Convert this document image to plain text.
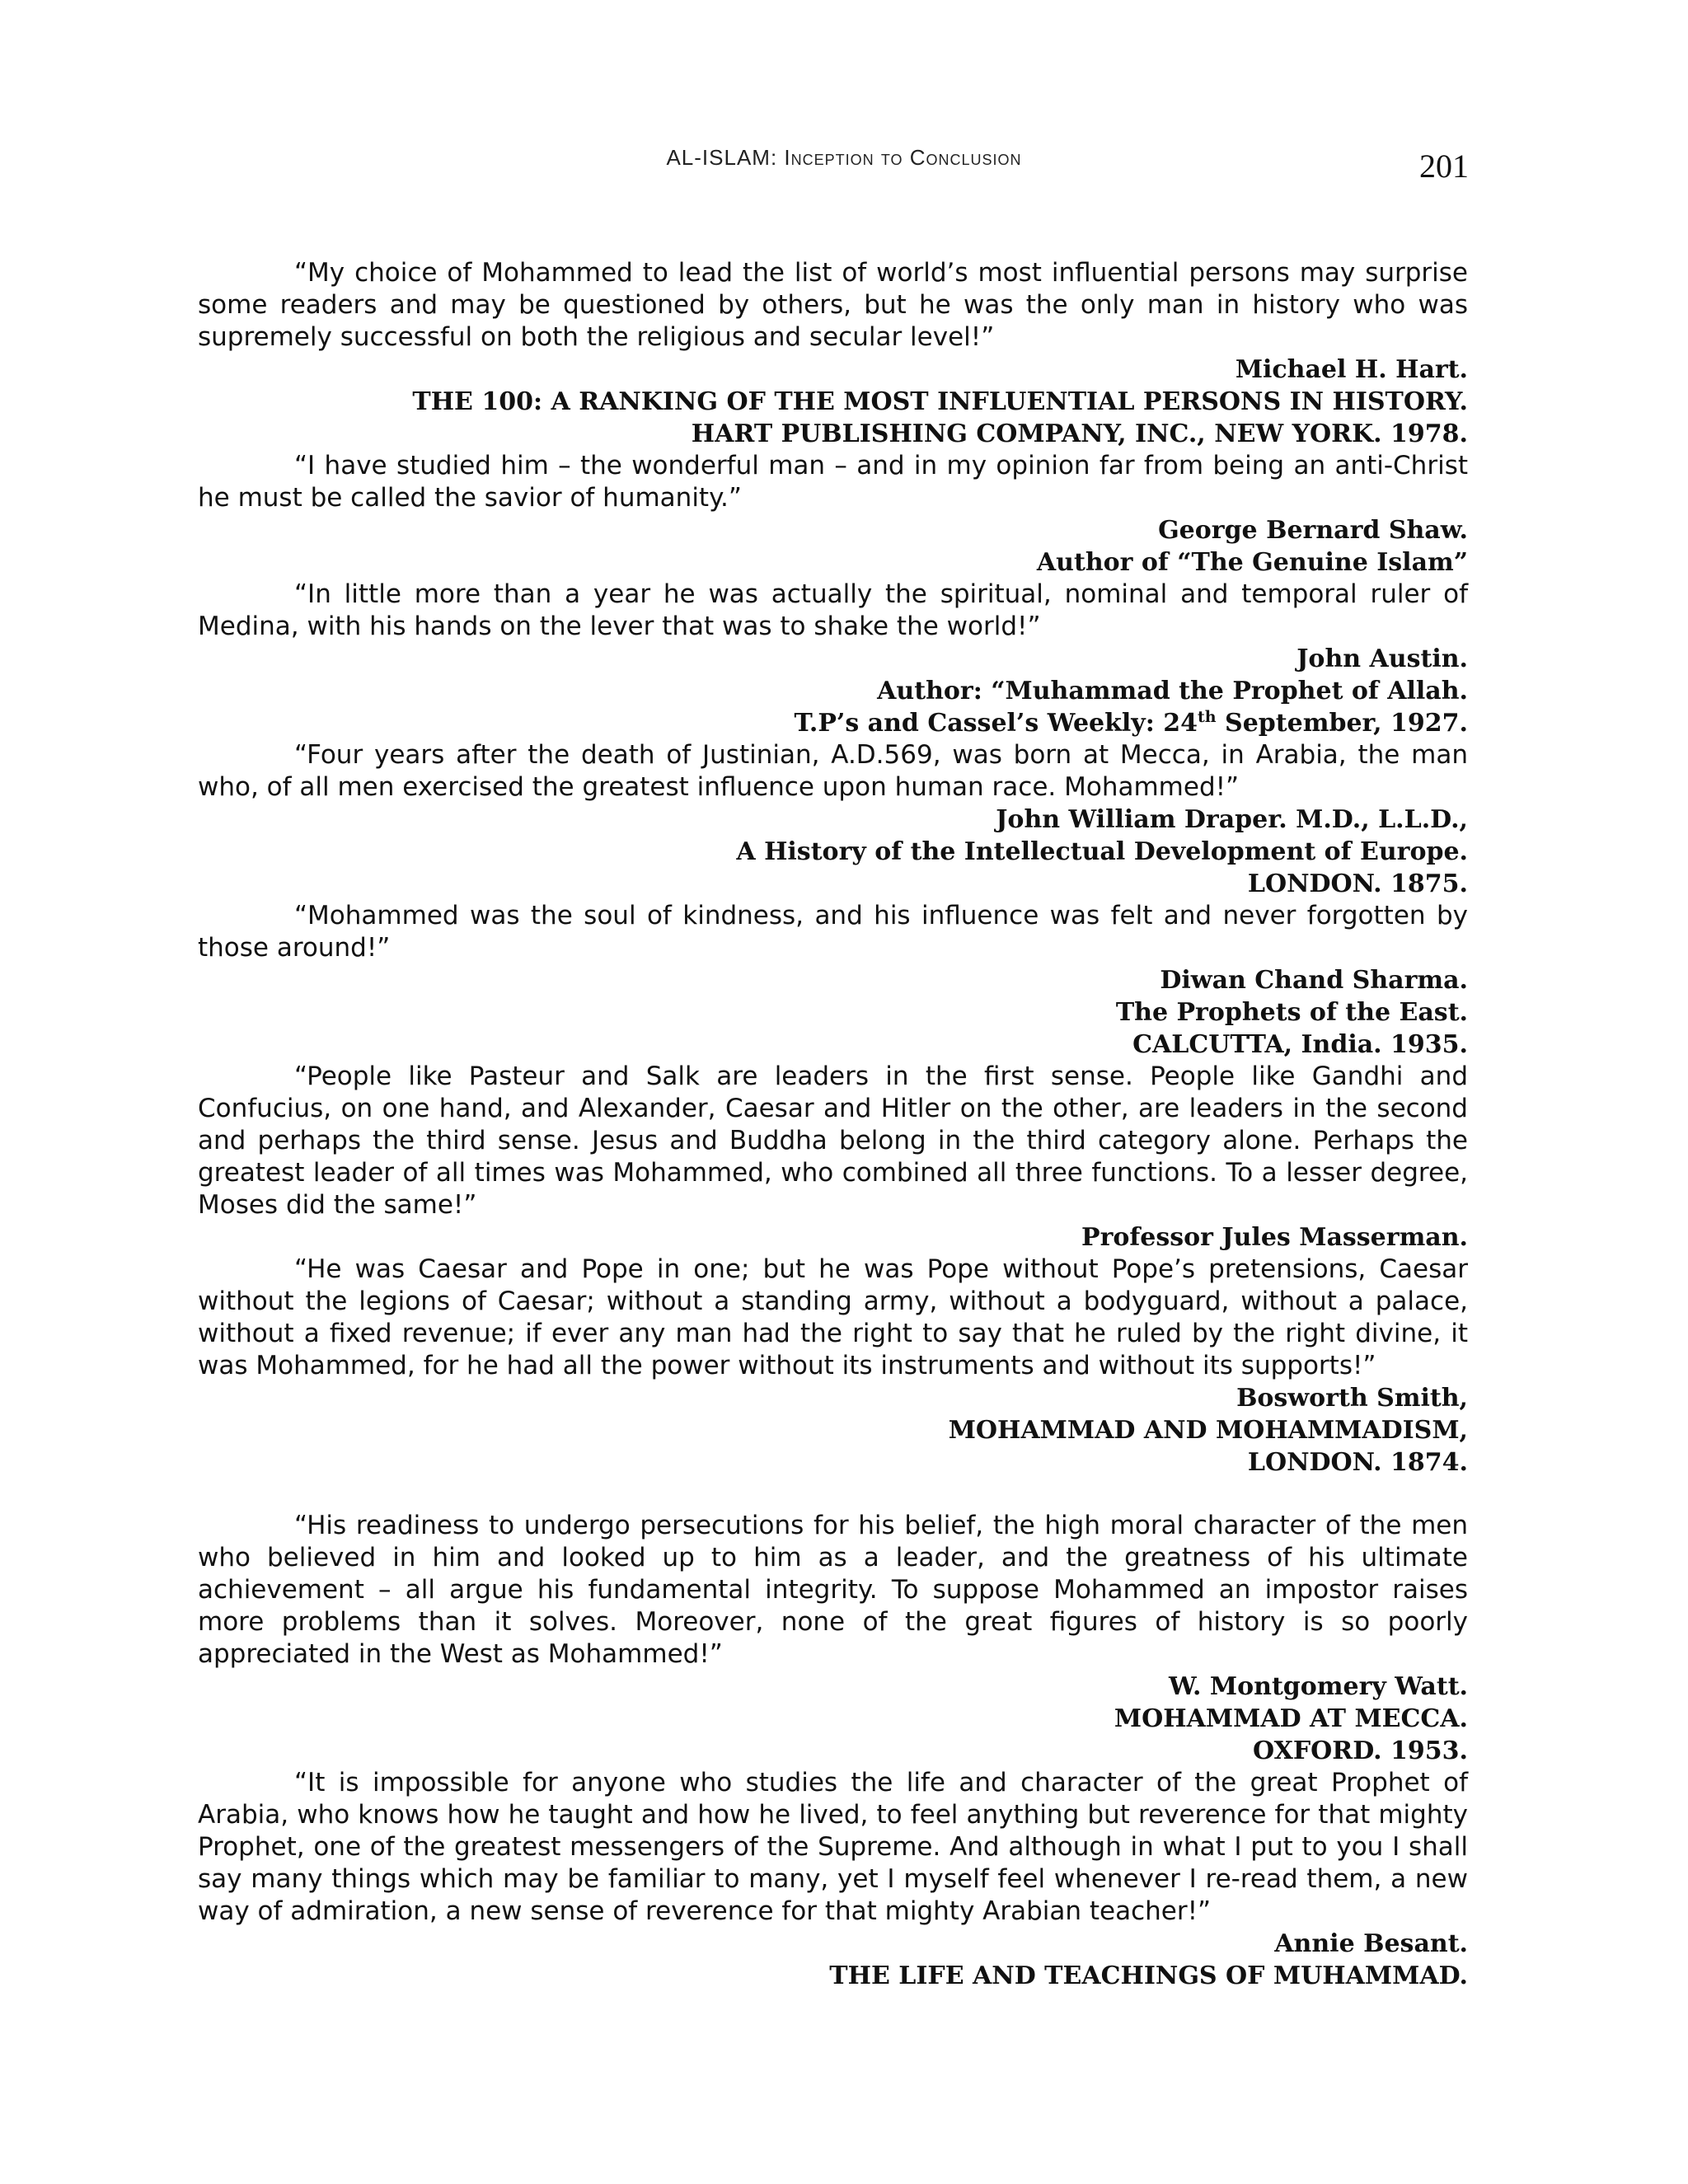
AL-ISLAM: Inception to Conclusion	201

“My choice of Mohammed to lead the list of world’s most influential persons may surprise some readers and may be questioned by others, but he was the only man in history who was supremely successful on both the religious and secular level!”

Michael H. Hart.

THE 100: A RANKING OF THE MOST INFLUENTIAL PERSONS IN HISTORY.

HART PUBLISHING COMPANY, INC., NEW YORK. 1978.

“I have studied him – the wonderful man – and in my opinion far from being an anti-Christ he must be called the savior of humanity.”

George Bernard Shaw.

Author of “The Genuine Islam”

“In little more than a year he was actually the spiritual, nominal and temporal ruler of Medina, with his hands on the lever that was to shake the world!”

John Austin.

Author: “Muhammad the Prophet of Allah.

T.P’s and Cassel’s Weekly: 24th September, 1927.

“Four years after the death of Justinian, A.D.569, was born at Mecca, in Arabia, the man who, of all men exercised the greatest influence upon human race. Mohammed!”

John William Draper. M.D., L.L.D.,

A History of the Intellectual Development of Europe.

LONDON. 1875.

“Mohammed was the soul of kindness, and his influence was felt and never forgotten by those around!”

Diwan Chand Sharma.

The Prophets of the East.

CALCUTTA, India. 1935.

“People like Pasteur and Salk are leaders in the first sense. People like Gandhi and Confucius, on one hand, and Alexander, Caesar and Hitler on the other, are leaders in the second and perhaps the third sense. Jesus and Buddha belong in the third category alone. Perhaps the greatest leader of all times was Mohammed, who combined all three functions. To a lesser degree, Moses did the same!”

Professor Jules Masserman.

“He was Caesar and Pope in one; but he was Pope without Pope’s pretensions, Caesar without the legions of Caesar; without a standing army, without a bodyguard, without a palace, without a fixed revenue; if ever any man had the right to say that he ruled by the right divine, it was Mohammed, for he had all the power without its instruments and without its supports!”

Bosworth Smith,

MOHAMMAD AND MOHAMMADISM,

LONDON. 1874.

“His readiness to undergo persecutions for his belief, the high moral character of the men who believed in him and looked up to him as a leader, and the greatness of his ultimate achievement – all argue his fundamental integrity. To suppose Mohammed an impostor raises more problems than it solves. Moreover, none of the great figures of history is so poorly appreciated in the West as Mohammed!”

W. Montgomery Watt.

MOHAMMAD AT MECCA.

OXFORD. 1953.

“It is impossible for anyone who studies the life and character of the great Prophet of Arabia, who knows how he taught and how he lived, to feel anything but reverence for that mighty Prophet, one of the greatest messengers of the Supreme. And although in what I put to you I shall say many things which may be familiar to many, yet I myself feel whenever I re-read them, a new way of admiration, a new sense of reverence for that mighty Arabian teacher!”

Annie Besant.

THE LIFE AND TEACHINGS OF MUHAMMAD.
